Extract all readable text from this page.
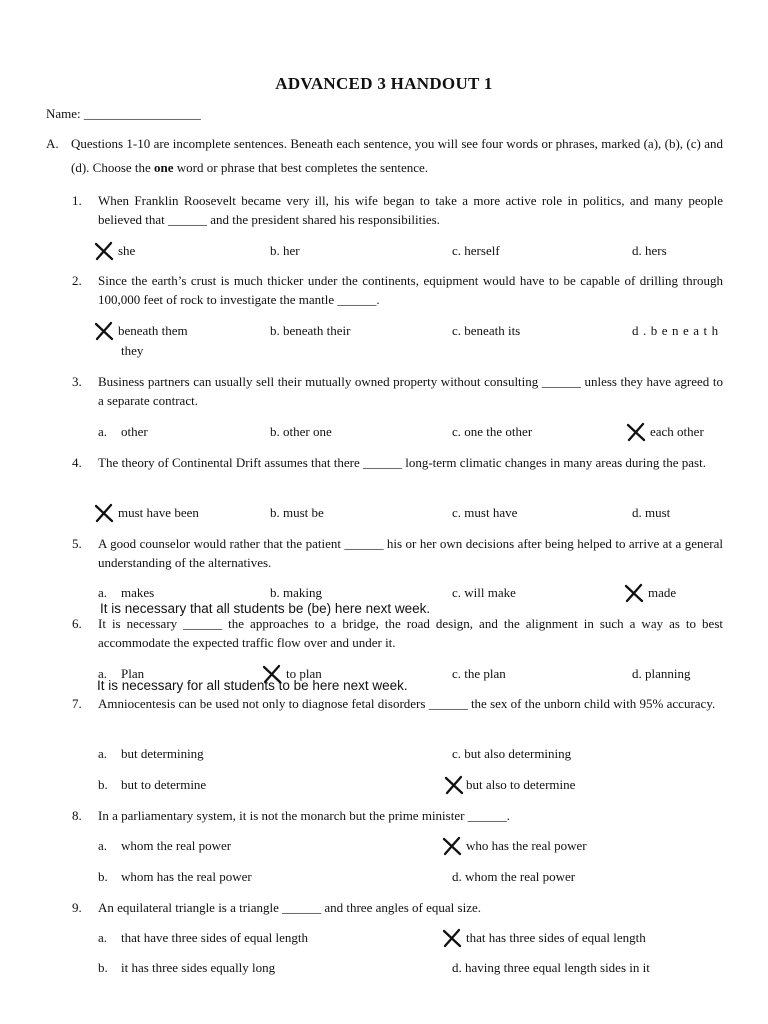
ADVANCED 3 HANDOUT 1
Name: __________________
A. Questions 1-10 are incomplete sentences. Beneath each sentence, you will see four words or phrases, marked (a), (b), (c) and (d). Choose the one word or phrase that best completes the sentence.
1. When Franklin Roosevelt became very ill, his wife began to take a more active role in politics, and many people believed that ______ and the president shared his responsibilities.
she	b. her	c. herself	d. hers
2. Since the earth’s crust is much thicker under the continents, equipment would have to be capable of drilling through 100,000 feet of rock to investigate the mantle ______.
beneath them	b. beneath their	c. beneath its	d.beneath
they
3. Business partners can usually sell their mutually owned property without consulting ______ unless they have agreed to a separate contract.
a. other	b. other one	c. one the other	each other
4. The theory of Continental Drift assumes that there ______ long-term climatic changes in many areas during the past.
must have been	b. must be	c. must have	d. must
5. A good counselor would rather that the patient ______ his or her own decisions after being helped to arrive at a general understanding of the alternatives.
a. makes	b. making	c. will make	made
It is necessary that all students be (be) here next week.
6. It is necessary ______ the approaches to a bridge, the road design, and the alignment in such a way as to best accommodate the expected traffic flow over and under it.
a. Plan	to plan	c. the plan	d. planning
It is necessary for all students to be here next week.
7. Amniocentesis can be used not only to diagnose fetal disorders ______ the sex of the unborn child with 95% accuracy.
a. but determining	c. but also determining
b. but to determine	but also to determine
8. In a parliamentary system, it is not the monarch but the prime minister ______.
a. whom the real power	who has the real power
b. whom has the real power	d. whom the real power
9. An equilateral triangle is a triangle ______ and three angles of equal size.
a. that have three sides of equal length	that has three sides of equal length
b. it has three sides equally long	d. having three equal length sides in it
